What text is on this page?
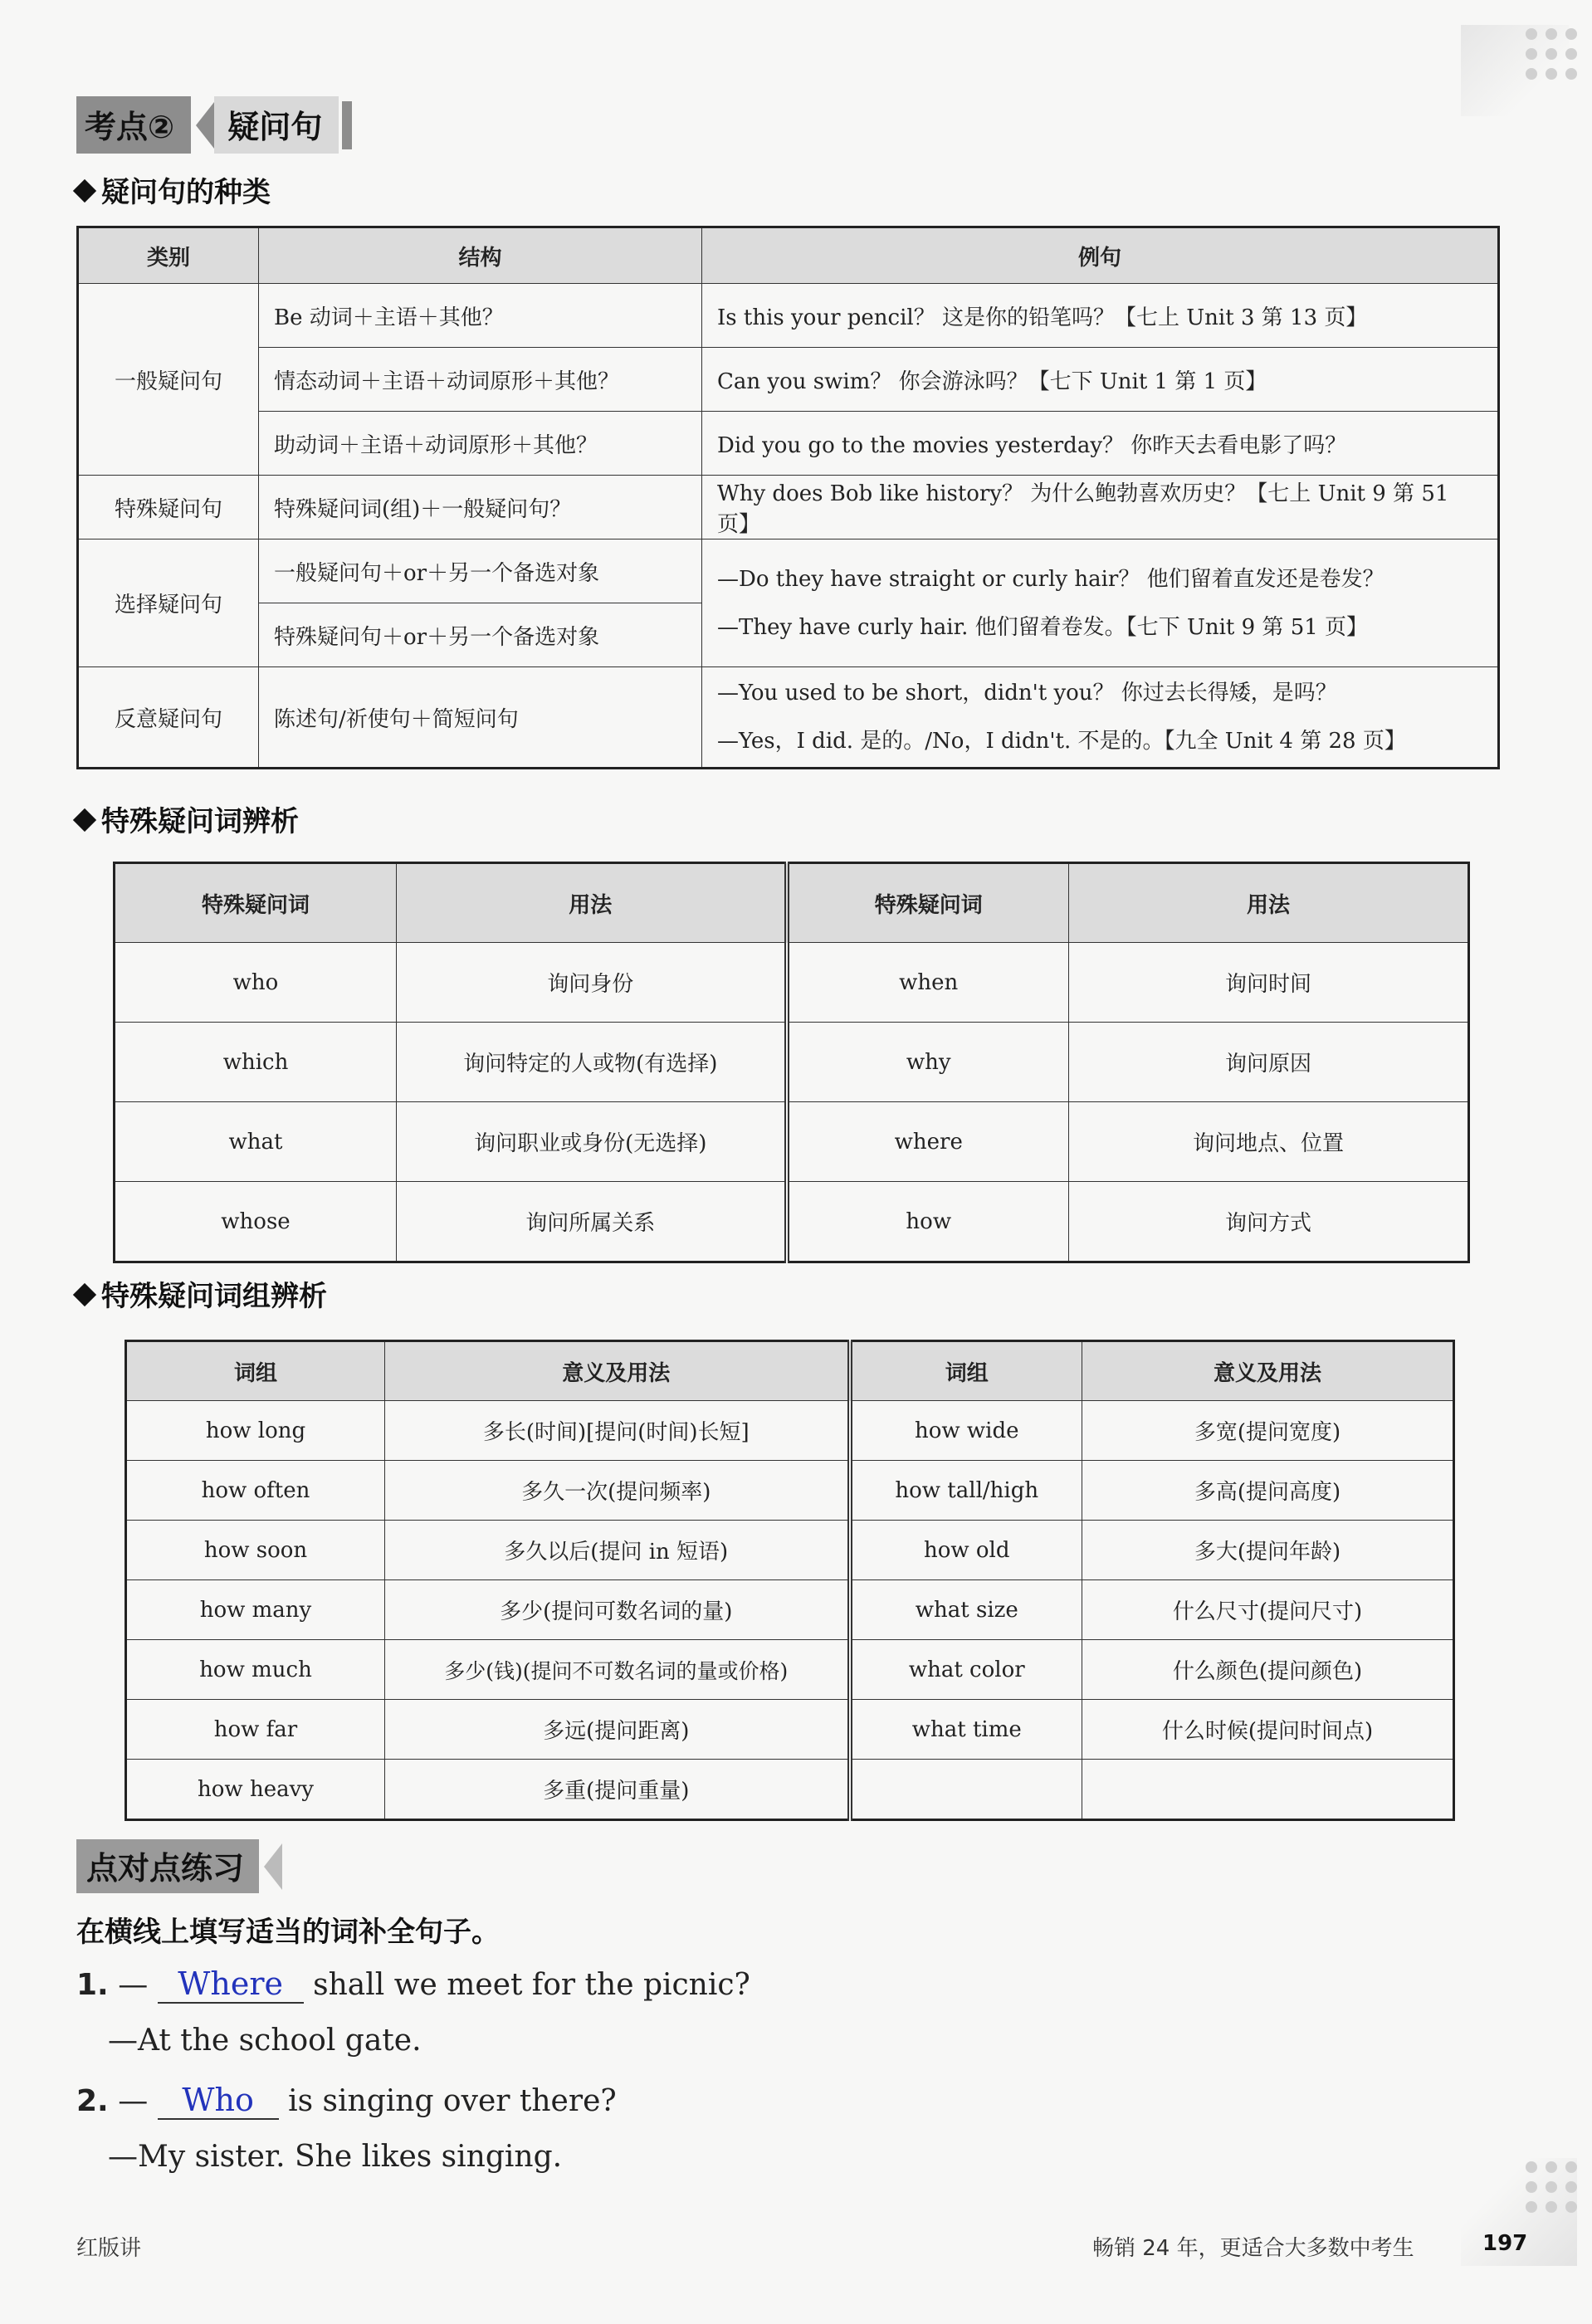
考点②	疑问句
疑问句的种类
类别	结构	例句
一般疑问句	Be 动词＋主语＋其他？	Is this your pencil？ 这是你的铅笔吗？【七上 Unit 3 第 13 页】
	情态动词＋主语＋动词原形＋其他？	Can you swim？ 你会游泳吗？【七下 Unit 1 第 1 页】
	助动词＋主语＋动词原形＋其他？	Did you go to the movies yesterday？ 你昨天去看电影了吗？
特殊疑问句	特殊疑问词(组)＋一般疑问句？	Why does Bob like history？ 为什么鲍勃喜欢历史？【七上 Unit 9 第 51 页】
选择疑问句	一般疑问句＋or＋另一个备选对象	—Do they have straight or curly hair？ 他们留着直发还是卷发？
—They have curly hair. 他们留着卷发。【七下 Unit 9 第 51 页】

	特殊疑问句＋or＋另一个备选对象	
反意疑问句	陈述句/祈使句＋简短问句	—You used to be short，didn't you？ 你过去长得矮，是吗？
—Yes，I did. 是的。/No，I didn't. 不是的。【九全 Unit 4 第 28 页】
特殊疑问词辨析
特殊疑问词	用法	特殊疑问词	用法
who	询问身份	when	询问时间
which	询问特定的人或物(有选择)	why	询问原因
what	询问职业或身份(无选择)	where	询问地点、位置
whose	询问所属关系	how	询问方式
特殊疑问词组辨析
词组	意义及用法	词组	意义及用法
how long	多长(时间)[提问(时间)长短]	how wide	多宽(提问宽度)
how often	多久一次(提问频率)	how tall/high	多高(提问高度)
how soon	多久以后(提问 in 短语)	how old	多大(提问年龄)
how many	多少(提问可数名词的量)	what size	什么尺寸(提问尺寸)
how much	多少(钱)(提问不可数名词的量或价格)	what color	什么颜色(提问颜色)
how far	多远(提问距离)	what time	什么时候(提问时间点)
how heavy	多重(提问重量)		
点对点练习
在横线上填写适当的词补全句子。
1. — Where shall we meet for the picnic?
—At the school gate.
2. — Who is singing over there?
—My sister. She likes singing.
红版讲	畅销 24 年，更适合大多数中考生	197
